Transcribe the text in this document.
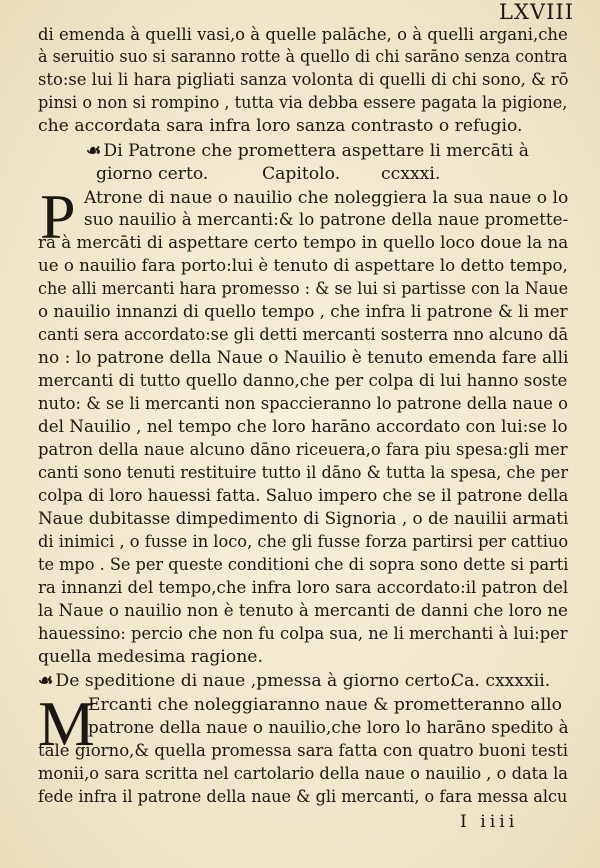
LXVIII
di emenda à quelli vasi,o à quelle palāche, o à quelli argani,che
à seruitio suo si saranno rotte à quello di chi sarāno senza contra
sto:se lui li hara pigliati sanza volonta di quelli di chi sono, & rō
pinsi o non si rompino , tutta via debba essere pagata la pigione,
che accordata sara infra loro sanza contrasto o refugio.
☙ Di Patrone che promettera aspettare li mercāti à
giorno certo.	Capitolo. ccxxxi.
P Atrone di naue o nauilio che noleggiera la sua naue o lo
suo nauilio à mercanti:& lo patrone della naue promette-
ra à mercāti di aspettare certo tempo in quello loco doue la na
ue o nauilio fara porto:lui è tenuto di aspettare lo detto tempo,
che alli mercanti hara promesso : & se lui si partisse con la Naue
o nauilio innanzi di quello tempo , che infra li patrone & li mer
canti sera accordato:se gli detti mercanti sosterra nno alcuno dā
no : lo patrone della Naue o Nauilio è tenuto emenda fare alli
mercanti di tutto quello danno,che per colpa di lui hanno soste
nuto: & se li mercanti non spaccieranno lo patrone della naue o
del Nauilio , nel tempo che loro harāno accordato con lui:se lo
patron della naue alcuno dāno riceuera,o fara piu spesa:gli mer
canti sono tenuti restituire tutto il dāno & tutta la spesa, che per
colpa di loro hauessi fatta. Saluo impero che se il patrone della
Naue dubitasse dimpedimento di Signoria , o de nauilii armati
di inimici , o fusse in loco, che gli fusse forza partirsi per cattiuo
te mpo . Se per queste conditioni che di sopra sono dette si parti
ra innanzi del tempo,che infra loro sara accordato:il patron del
la Naue o nauilio non è tenuto à mercanti de danni che loro ne
hauessino: percio che non fu colpa sua, ne li merchanti à lui:per
quella medesima ragione.
☙ De speditione di naue ,pmessa à giorno certo.
Ca. cxxxxii.
M
Ercanti che noleggiaranno naue & prometteranno allo
patrone della naue o nauilio,che loro lo harāno spedito à
tale giorno,& quella promessa sara fatta con quatro buoni testi
monii,o sara scritta nel cartolario della naue o nauilio , o data la
fede infra il patrone della naue & gli mercanti, o fara messa alcu
I iiii
